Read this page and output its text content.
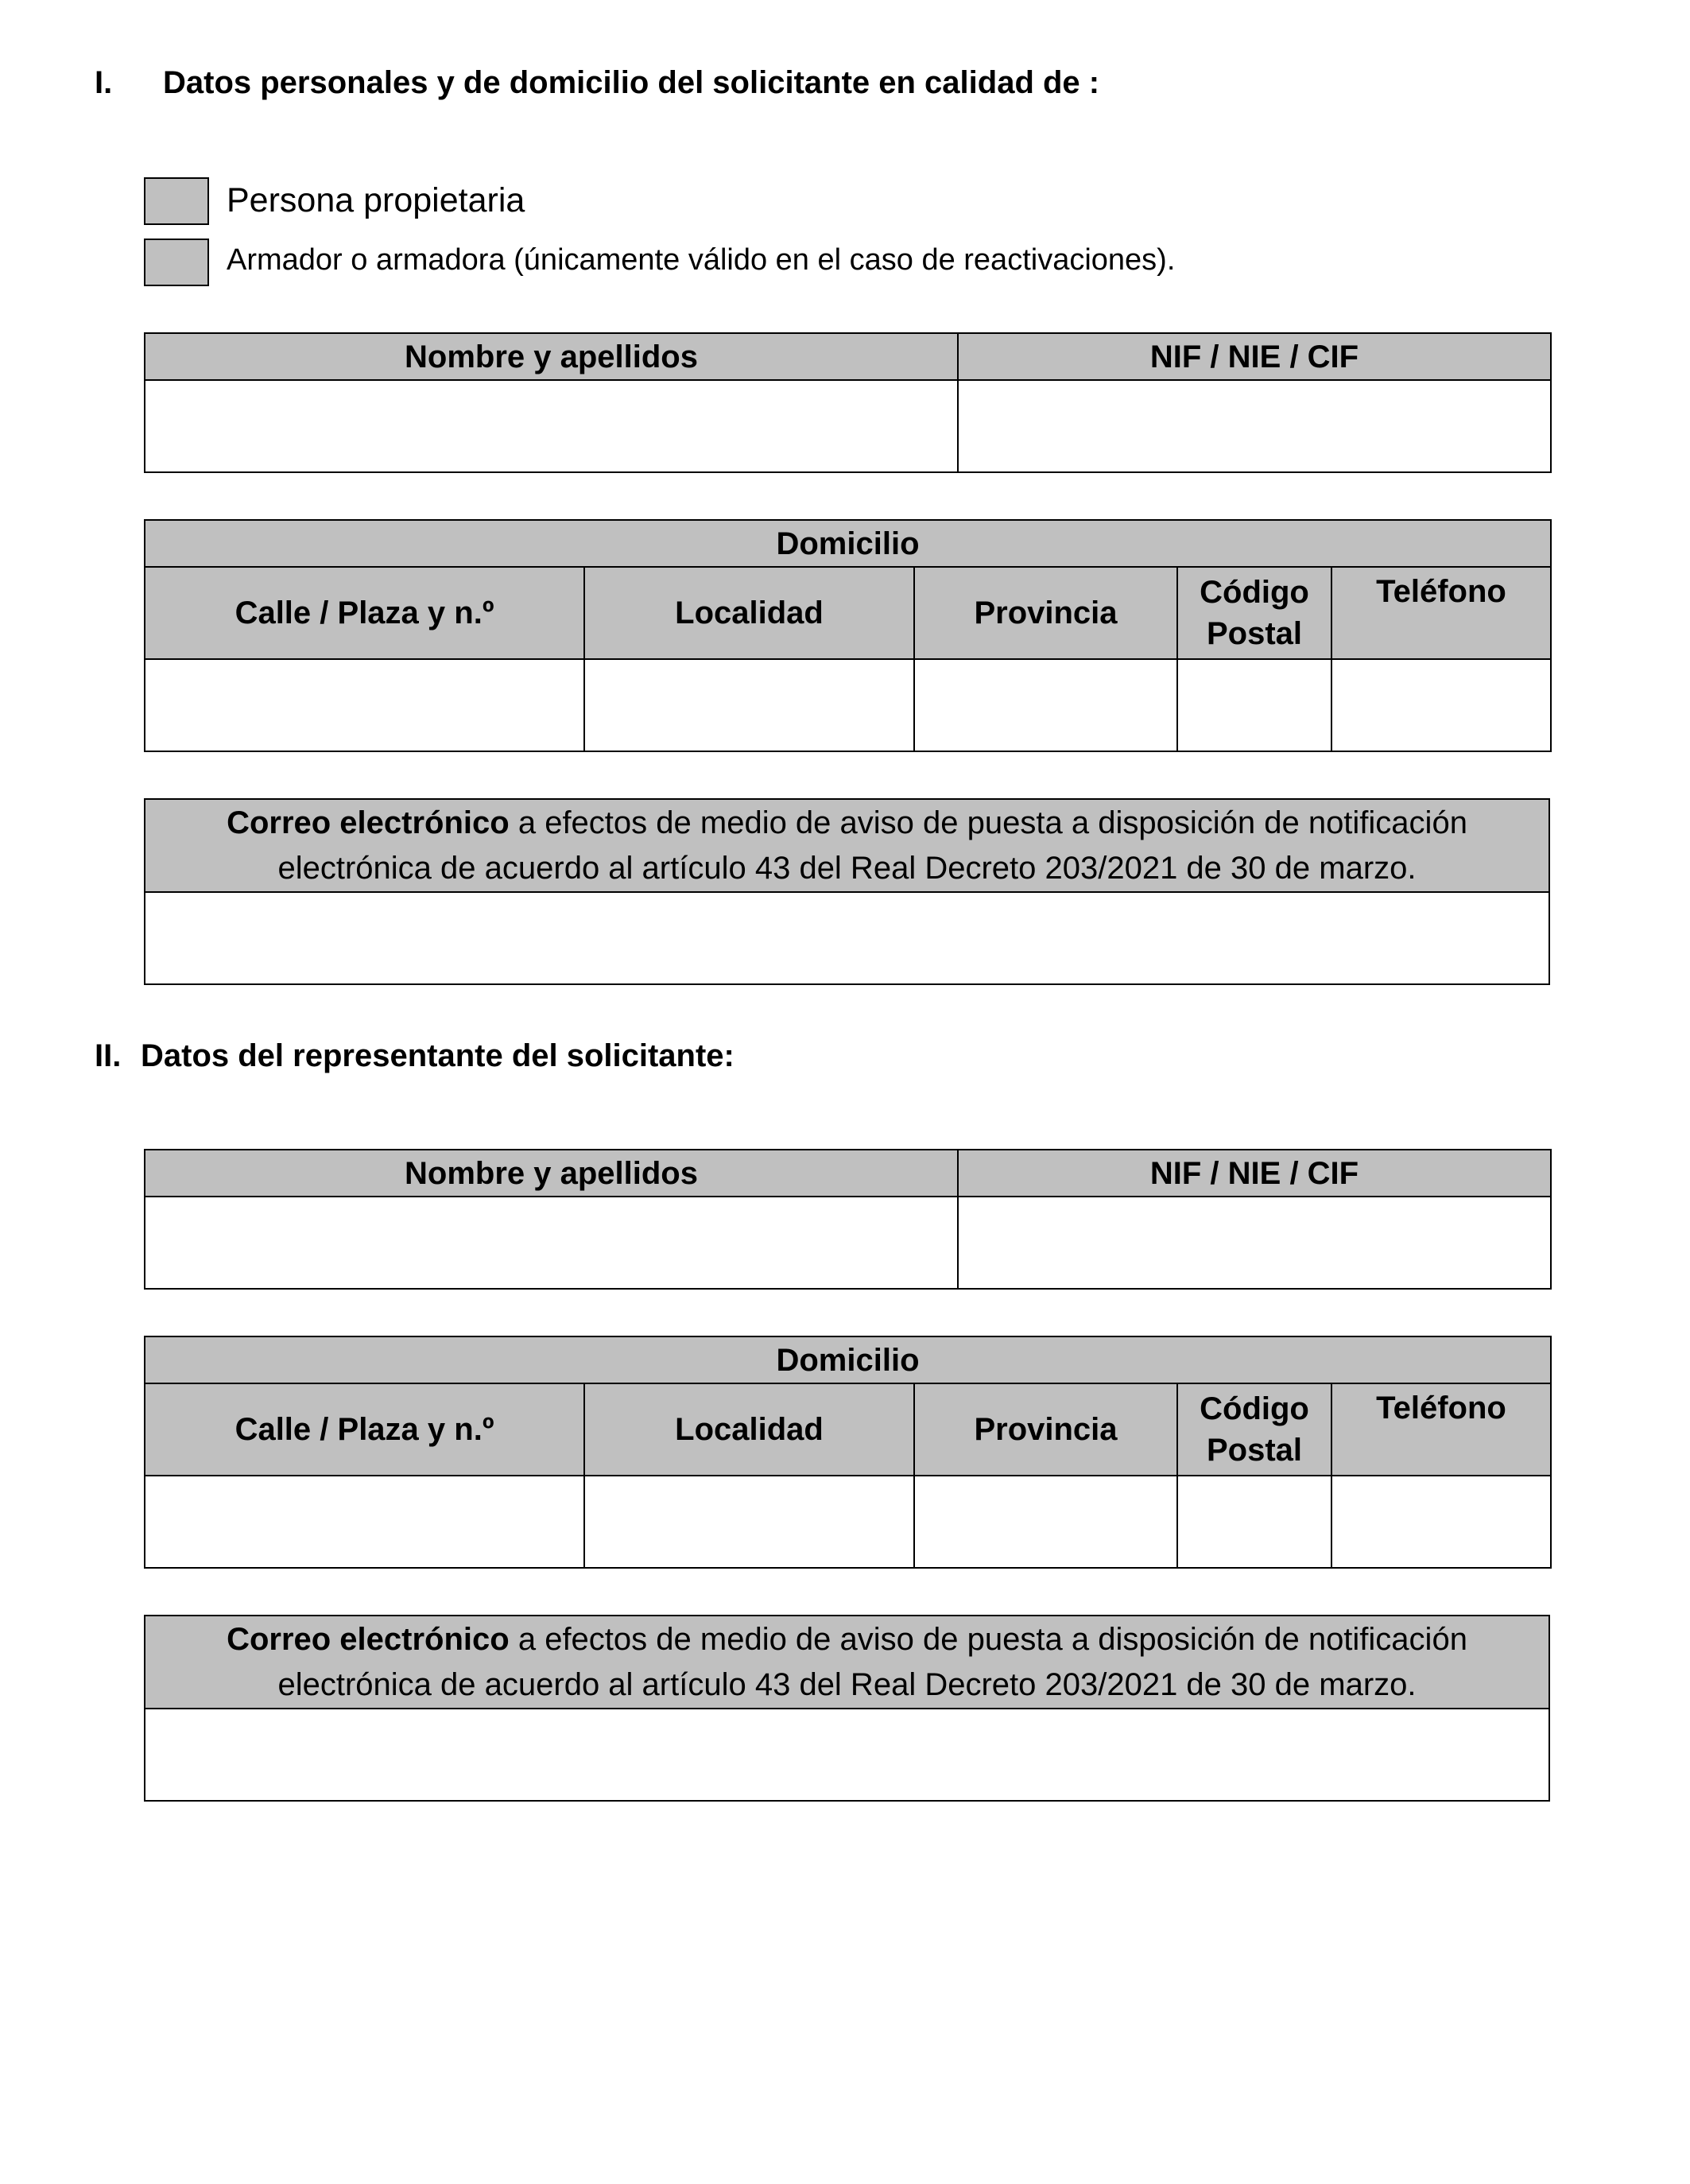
I. Datos personales y de domicilio del solicitante en calidad de :
Persona propietaria
Armador o armadora (únicamente válido en el caso de reactivaciones).
Nombre y apellidos	NIF / NIE / CIF

Domicilio				
Calle / Plaza y n.º	Localidad	Provincia	Código Postal	Teléfono

Correo electrónico a efectos de medio de aviso de puesta a disposición de notificación electrónica de acuerdo al artículo 43 del Real Decreto 203/2021 de 30 de marzo.

II. Datos del representante del solicitante:
Nombre y apellidos	NIF / NIE / CIF

Domicilio				
Calle / Plaza y n.º	Localidad	Provincia	Código Postal	Teléfono

Correo electrónico a efectos de medio de aviso de puesta a disposición de notificación electrónica de acuerdo al artículo 43 del Real Decreto 203/2021 de 30 de marzo.
